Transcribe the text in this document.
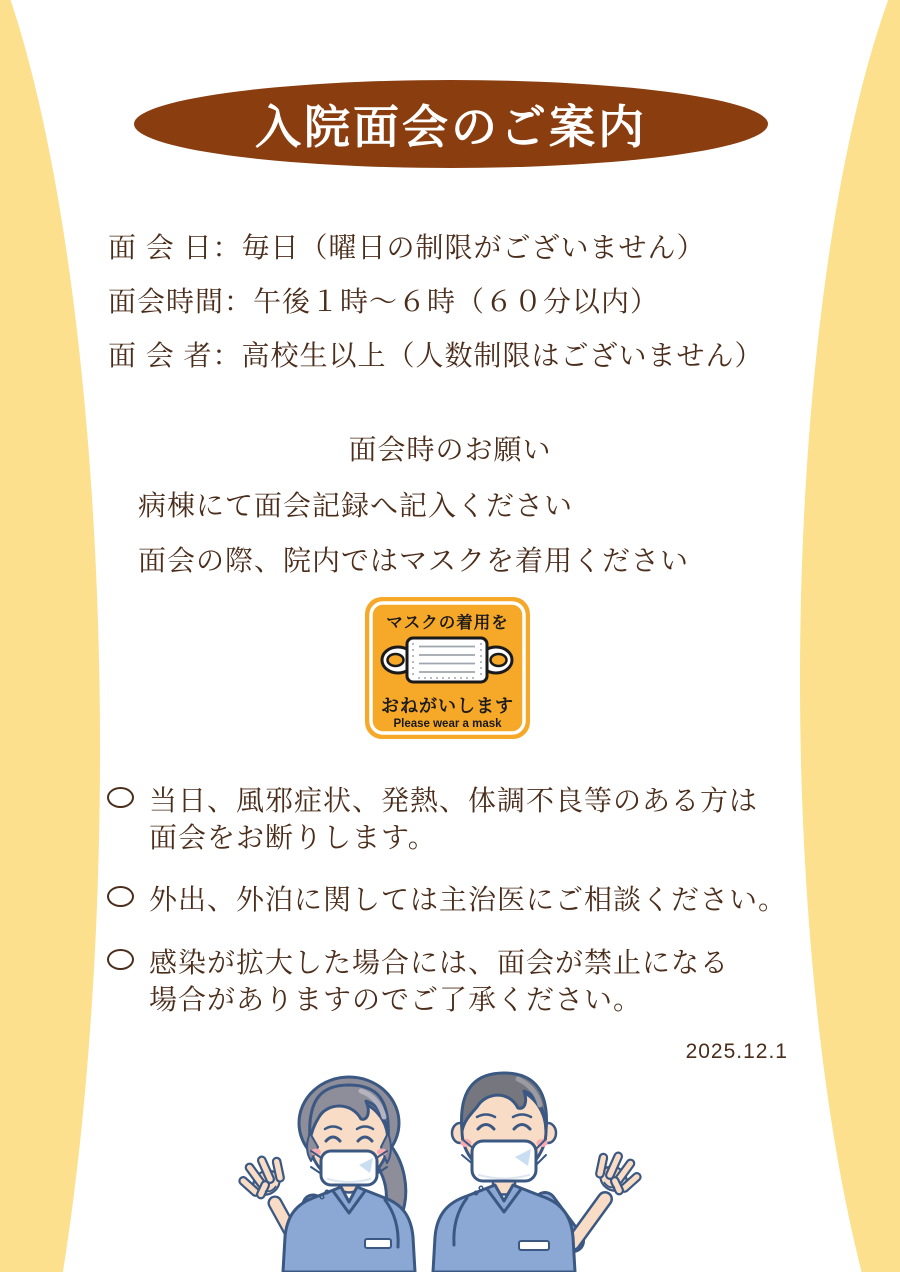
入院面会のご案内
面 会 日：毎日（曜日の制限がございません）
面会時間：午後１時～６時（６０分以内）
面 会 者：高校生以上（人数制限はございません）
面会時のお願い
病棟にて面会記録へ記入ください
面会の際、院内ではマスクを着用ください
マスクの着用を
おねがいします
Please wear a mask
当日、風邪症状、発熱、体調不良等のある方は
面会をお断りします。
外出、外泊に関しては主治医にご相談ください。
感染が拡大した場合には、面会が禁止になる
場合がありますのでご了承ください。
2025.12.1
